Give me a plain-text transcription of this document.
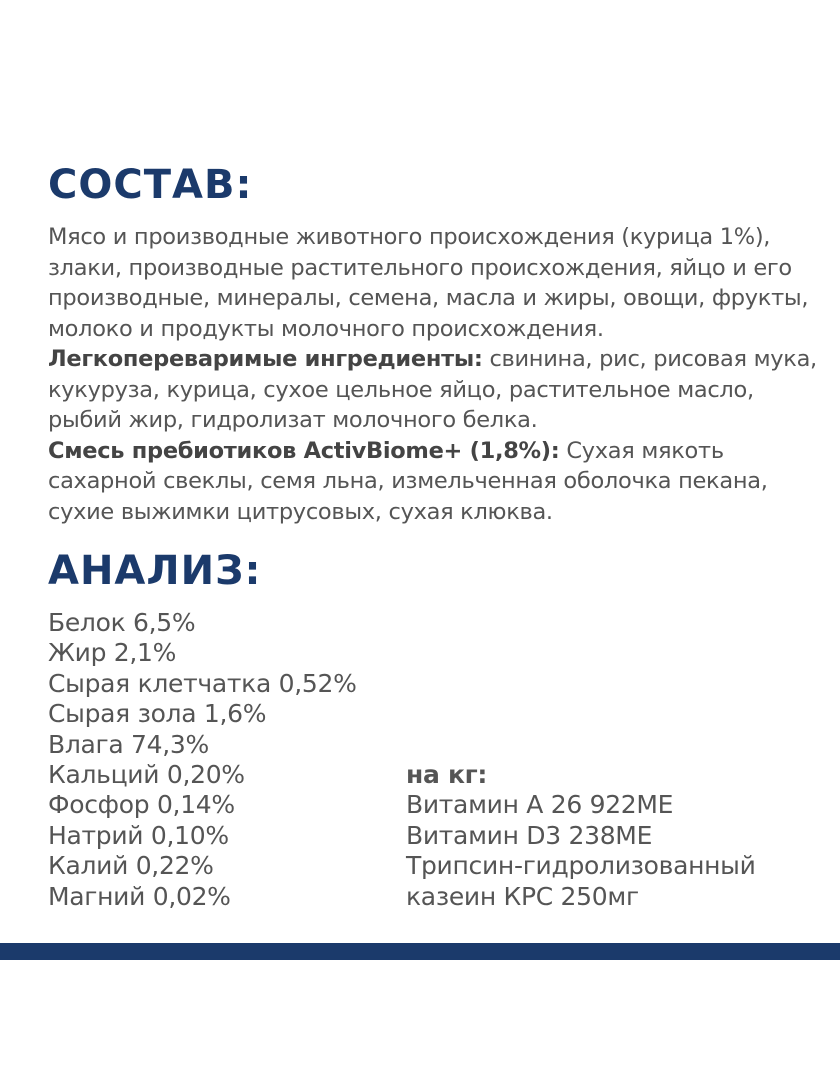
СОСТАВ:

Мясо и производные животного происхождения (курица 1%), злаки, производные растительного происхождения, яйцо и его производные, минералы, семена, масла и жиры, овощи, фрукты, молоко и продукты молочного происхождения.

Легкопереваримые ингредиенты: свинина, рис, рисовая мука, кукуруза, курица, сухое цельное яйцо, растительное масло, рыбий жир, гидролизат молочного белка.

Смесь пребиотиков ActivBiome+ (1,8%): Сухая мякоть сахарной свеклы, семя льна, измельченная оболочка пекана, сухие выжимки цитрусовых, сухая клюква.

АНАЛИЗ:
Белок 6,5%
Жир 2,1%
Сырая клетчатка 0,52%
Сырая зола 1,6%
Влага 74,3%
Кальций 0,20%
Фосфор 0,14%
Натрий 0,10%
Калий 0,22%
Магний 0,02%
на кг:
Витамин А 26 922МЕ
Витамин D3 238МЕ
Трипсин-гидролизованный
казеин КРС 250мг
